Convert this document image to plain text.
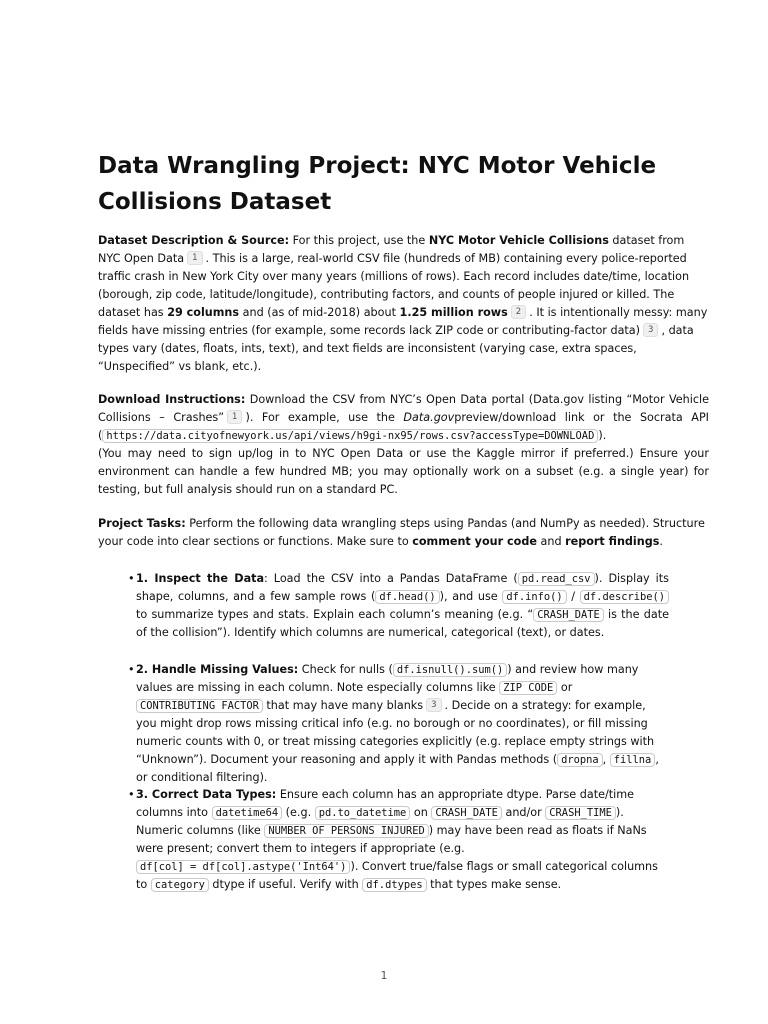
Data Wrangling Project: NYC Motor Vehicle
Collisions Dataset

Dataset Description & Source: For this project, use the NYC Motor Vehicle Collisions dataset from NYC Open Data 1 . This is a large, real-world CSV file (hundreds of MB) containing every police-reported traffic crash in New York City over many years (millions of rows). Each record includes date/time, location (borough, zip code, latitude/longitude), contributing factors, and counts of people injured or killed. The dataset has 29 columns and (as of mid-2018) about 1.25 million rows 2 . It is intentionally messy: many fields have missing entries (for example, some records lack ZIP code or contributing-factor data) 3 , data types vary (dates, floats, ints, text), and text fields are inconsistent (varying case, extra spaces, “Unspecified” vs blank, etc.).

Download Instructions: Download the CSV from NYC’s Open Data portal (Data.gov listing “Motor Vehicle Collisions – Crashes” 1 ). For example, use the Data.govpreview/download link or the Socrata API ( https://data.cityofnewyork.us/api/views/h9gi-nx95/rows.csv?accessType=DOWNLOAD ).
(You may need to sign up/log in to NYC Open Data or use the Kaggle mirror if preferred.) Ensure your environment can handle a few hundred MB; you may optionally work on a subset (e.g. a single year) for testing, but full analysis should run on a standard PC.

Project Tasks: Perform the following data wrangling steps using Pandas (and NumPy as needed). Structure your code into clear sections or functions. Make sure to comment your code and report findings.

• 1. Inspect the Data: Load the CSV into a Pandas DataFrame ( pd.read_csv ). Display its shape, columns, and a few sample rows ( df.head() ), and use df.info() / df.describe() to summarize types and stats. Explain each column’s meaning (e.g. “ CRASH_DATE is the date of the collision”). Identify which columns are numerical, categorical (text), or dates.

• 2. Handle Missing Values: Check for nulls ( df.isnull().sum() ) and review how many values are missing in each column. Note especially columns like ZIP CODE or CONTRIBUTING FACTOR that may have many blanks 3 . Decide on a strategy: for example, you might drop rows missing critical info (e.g. no borough or no coordinates), or fill missing numeric counts with 0, or treat missing categories explicitly (e.g. replace empty strings with “Unknown”). Document your reasoning and apply it with Pandas methods ( dropna , fillna , or conditional filtering).

• 3. Correct Data Types: Ensure each column has an appropriate dtype. Parse date/time columns into datetime64 (e.g. pd.to_datetime on CRASH_DATE and/or CRASH_TIME ). Numeric columns (like NUMBER OF PERSONS INJURED ) may have been read as floats if NaNs were present; convert them to integers if appropriate (e.g. df[col] = df[col].astype('Int64') ). Convert true/false flags or small categorical columns to category dtype if useful. Verify with df.dtypes that types make sense.

1
